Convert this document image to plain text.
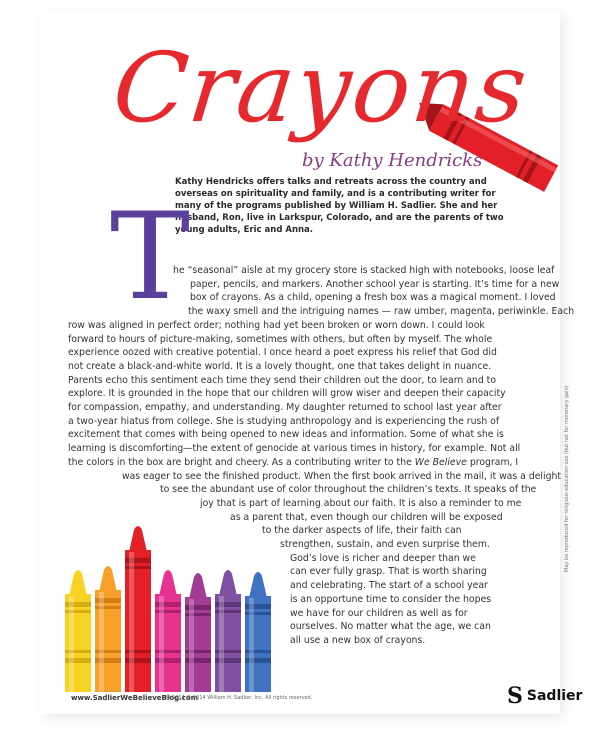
Crayons
by Kathy Hendricks
Kathy Hendricks offers talks and retreats across the country and overseas on spirituality and family, and is a contributing writer for many of the programs published by William H. Sadlier. She and her husband, Ron, live in Larkspur, Colorado, and are the parents of two young adults, Eric and Anna.
T
he “seasonal” aisle at my grocery store is stacked high with notebooks, loose leaf
paper, pencils, and markers. Another school year is starting. It’s time for a new
box of crayons. As a child, opening a fresh box was a magical moment. I loved
the waxy smell and the intriguing names — raw umber, magenta, periwinkle. Each
row was aligned in perfect order; nothing had yet been broken or worn down. I could look
forward to hours of picture-making, sometimes with others, but often by myself. The whole
experience oozed with creative potential. I once heard a poet express his relief that God did
not create a black-and-white world. It is a lovely thought, one that takes delight in nuance.
Parents echo this sentiment each time they send their children out the door, to learn and to
explore. It is grounded in the hope that our children will grow wiser and deepen their capacity
for compassion, empathy, and understanding. My daughter returned to school last year after
a two-year hiatus from college. She is studying anthropology and is experiencing the rush of
excitement that comes with being opened to new ideas and information. Some of what she is
learning is discomforting—the extent of genocide at various times in history, for example. Not all
the colors in the box are bright and cheery. As a contributing writer to the We Believe program, I
was eager to see the finished product. When the first book arrived in the mail, it was a delight
to see the abundant use of color throughout the children’s texts. It speaks of the
joy that is part of learning about our faith. It is also a reminder to me
as a parent that, even though our children will be exposed
to the darker aspects of life, their faith can
strengthen, sustain, and even surprise them.
God’s love is richer and deeper than we
can ever fully grasp. That is worth sharing
and celebrating. The start of a school year
is an opportune time to consider the hopes
we have for our children as well as for
ourselves. No matter what the age, we can
all use a new box of crayons.
www.SadlierWeBelieveBlog.com
09/2014 © 2014 William H. Sadlier, Inc. All rights reserved.
May be reproduced for religious education use (but not for monetary gain)
S Sadlier
